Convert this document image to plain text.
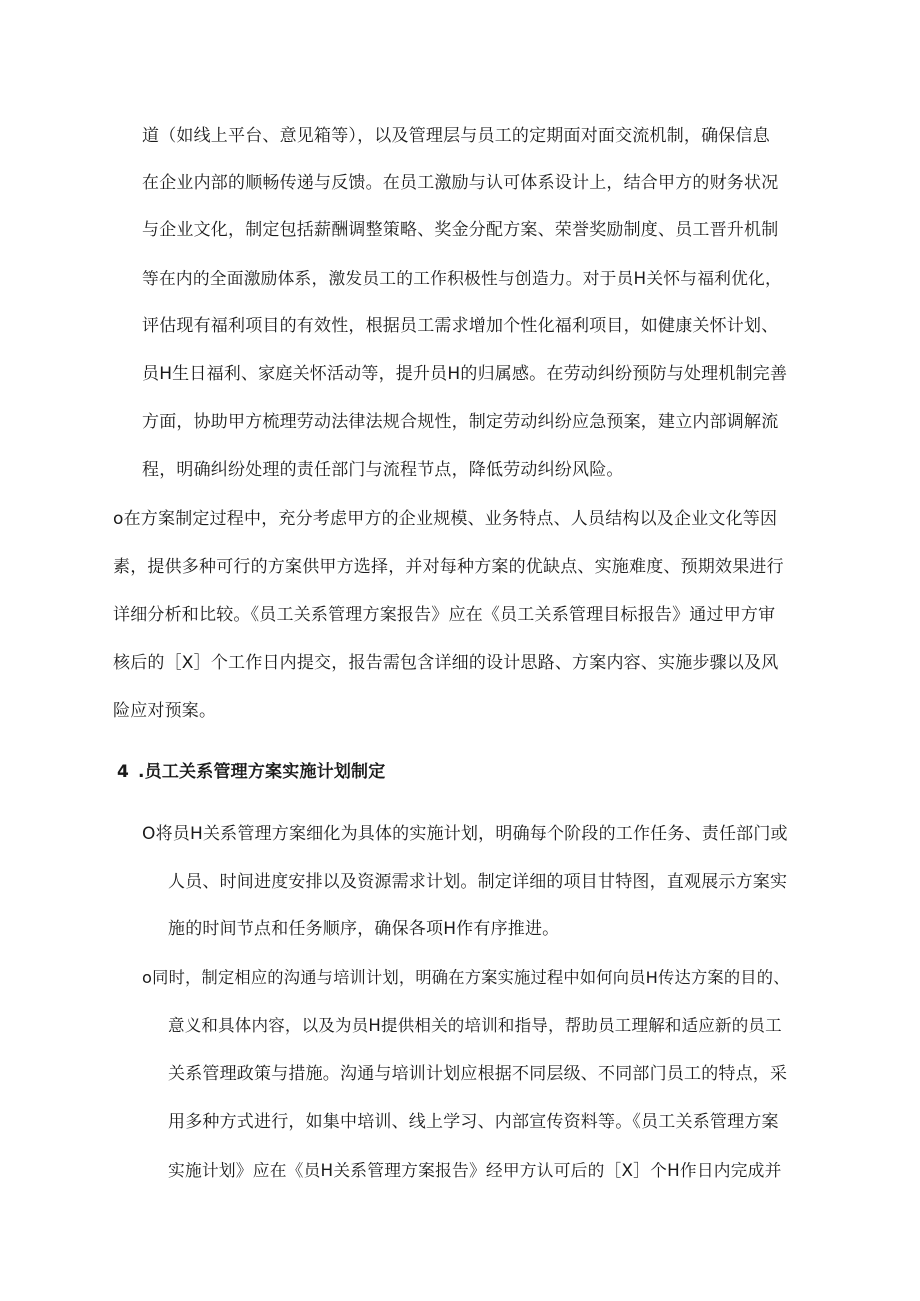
道（如线上平台、意见箱等），以及管理层与员工的定期面对面交流机制，确保信息
在企业内部的顺畅传递与反馈。在员工激励与认可体系设计上，结合甲方的财务状况
与企业文化，制定包括薪酬调整策略、奖金分配方案、荣誉奖励制度、员工晋升机制
等在内的全面激励体系，激发员工的工作积极性与创造力。对于员H关怀与福利优化，
评估现有福利项目的有效性，根据员工需求增加个性化福利项目，如健康关怀计划、
员H生日福利、家庭关怀活动等，提升员H的归属感。在劳动纠纷预防与处理机制完善
方面，协助甲方梳理劳动法律法规合规性，制定劳动纠纷应急预案，建立内部调解流
程，明确纠纷处理的责任部门与流程节点，降低劳动纠纷风险。
o在方案制定过程中，充分考虑甲方的企业规模、业务特点、人员结构以及企业文化等因
素，提供多种可行的方案供甲方选择，并对每种方案的优缺点、实施难度、预期效果进行
详细分析和比较。《员工关系管理方案报告》应在《员工关系管理目标报告》通过甲方审
核后的［X］个工作日内提交，报告需包含详细的设计思路、方案内容、实施步骤以及风
险应对预案。
4 .员工关系管理方案实施计划制定
O将员H关系管理方案细化为具体的实施计划，明确每个阶段的工作任务、责任部门或
人员、时间进度安排以及资源需求计划。制定详细的项目甘特图，直观展示方案实
施的时间节点和任务顺序，确保各项H作有序推进。
o同时，制定相应的沟通与培训计划，明确在方案实施过程中如何向员H传达方案的目的、
意义和具体内容，以及为员H提供相关的培训和指导，帮助员工理解和适应新的员工
关系管理政策与措施。沟通与培训计划应根据不同层级、不同部门员工的特点，采
用多种方式进行，如集中培训、线上学习、内部宣传资料等。《员工关系管理方案
实施计划》应在《员H关系管理方案报告》经甲方认可后的［X］个H作日内完成并
